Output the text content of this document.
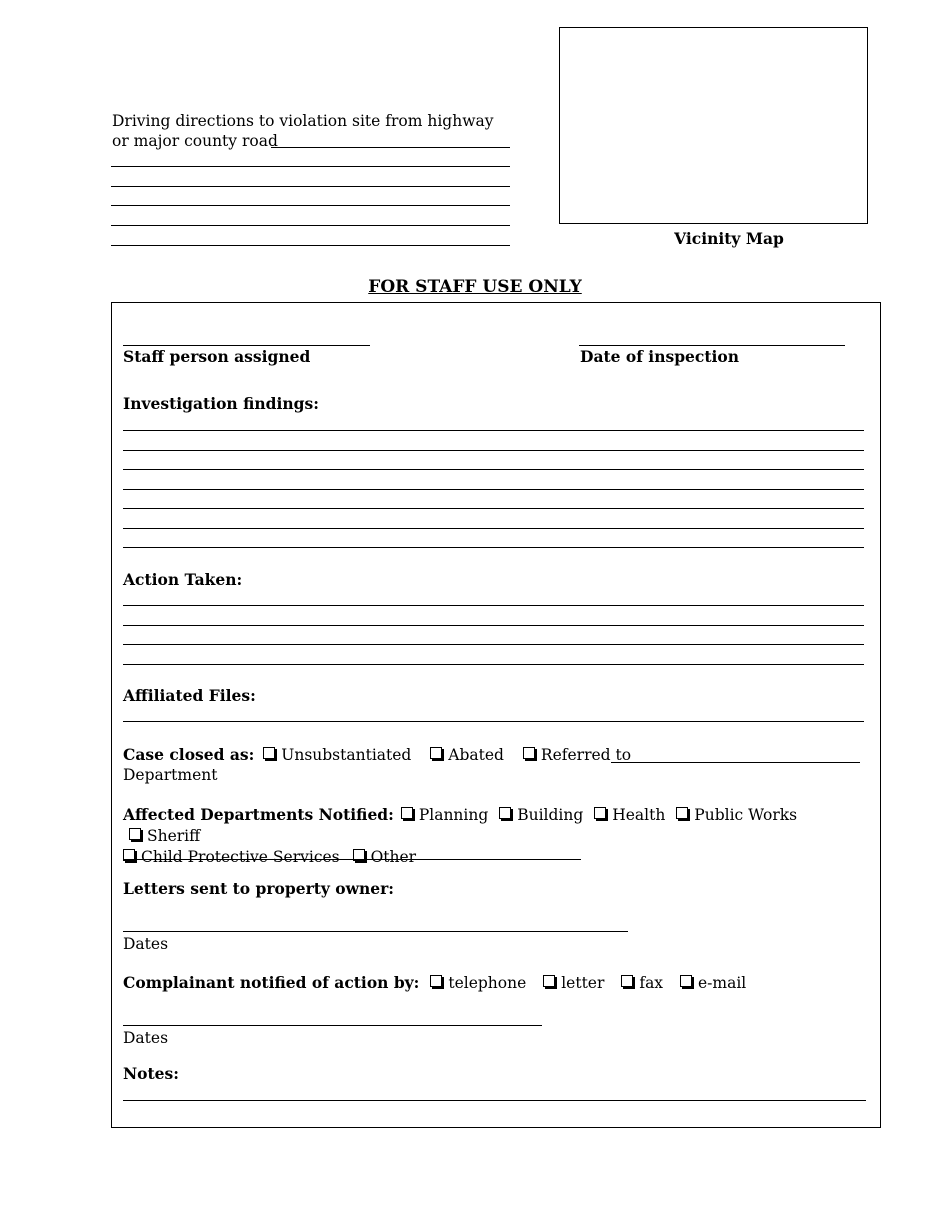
Driving directions to violation site from highway
or major county road
Vicinity Map
FOR STAFF USE ONLY
Staff person assigned	Date of inspection
Investigation findings:
Action Taken:
Affiliated Files:
Case closed as: Unsubstantiated Abated Referred to
Department
Affected Departments Notified: Planning Building Health Public Works Sheriff
Child Protective Services Other
Letters sent to property owner:
Dates
Complainant notified of action by: telephone letter fax e-mail
Dates
Notes:
